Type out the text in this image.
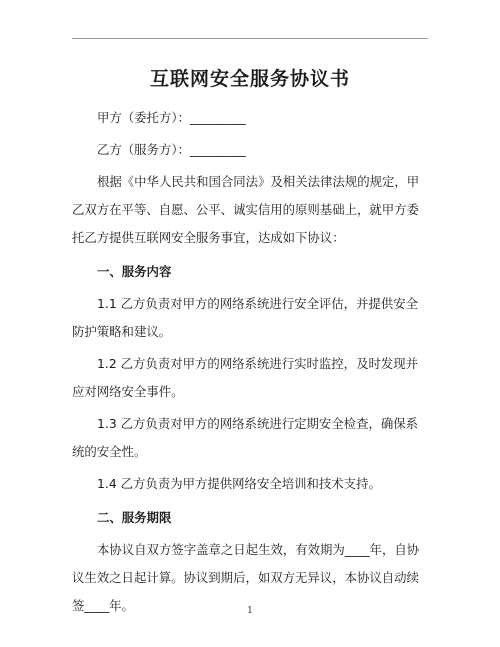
互联网安全服务协议书

甲方（委托方）：_________

乙方（服务方）：_________

根据《中华人民共和国合同法》及相关法律法规的规定，甲乙双方在平等、自愿、公平、诚实信用的原则基础上，就甲方委托乙方提供互联网安全服务事宜，达成如下协议：

一、服务内容

1.1 乙方负责对甲方的网络系统进行安全评估，并提供安全防护策略和建议。

1.2 乙方负责对甲方的网络系统进行实时监控，及时发现并应对网络安全事件。

1.3 乙方负责对甲方的网络系统进行定期安全检查，确保系统的安全性。

1.4 乙方负责为甲方提供网络安全培训和技术支持。

二、服务期限

本协议自双方签字盖章之日起生效，有效期为____年，自协议生效之日起计算。协议到期后，如双方无异议，本协议自动续签____年。	1
